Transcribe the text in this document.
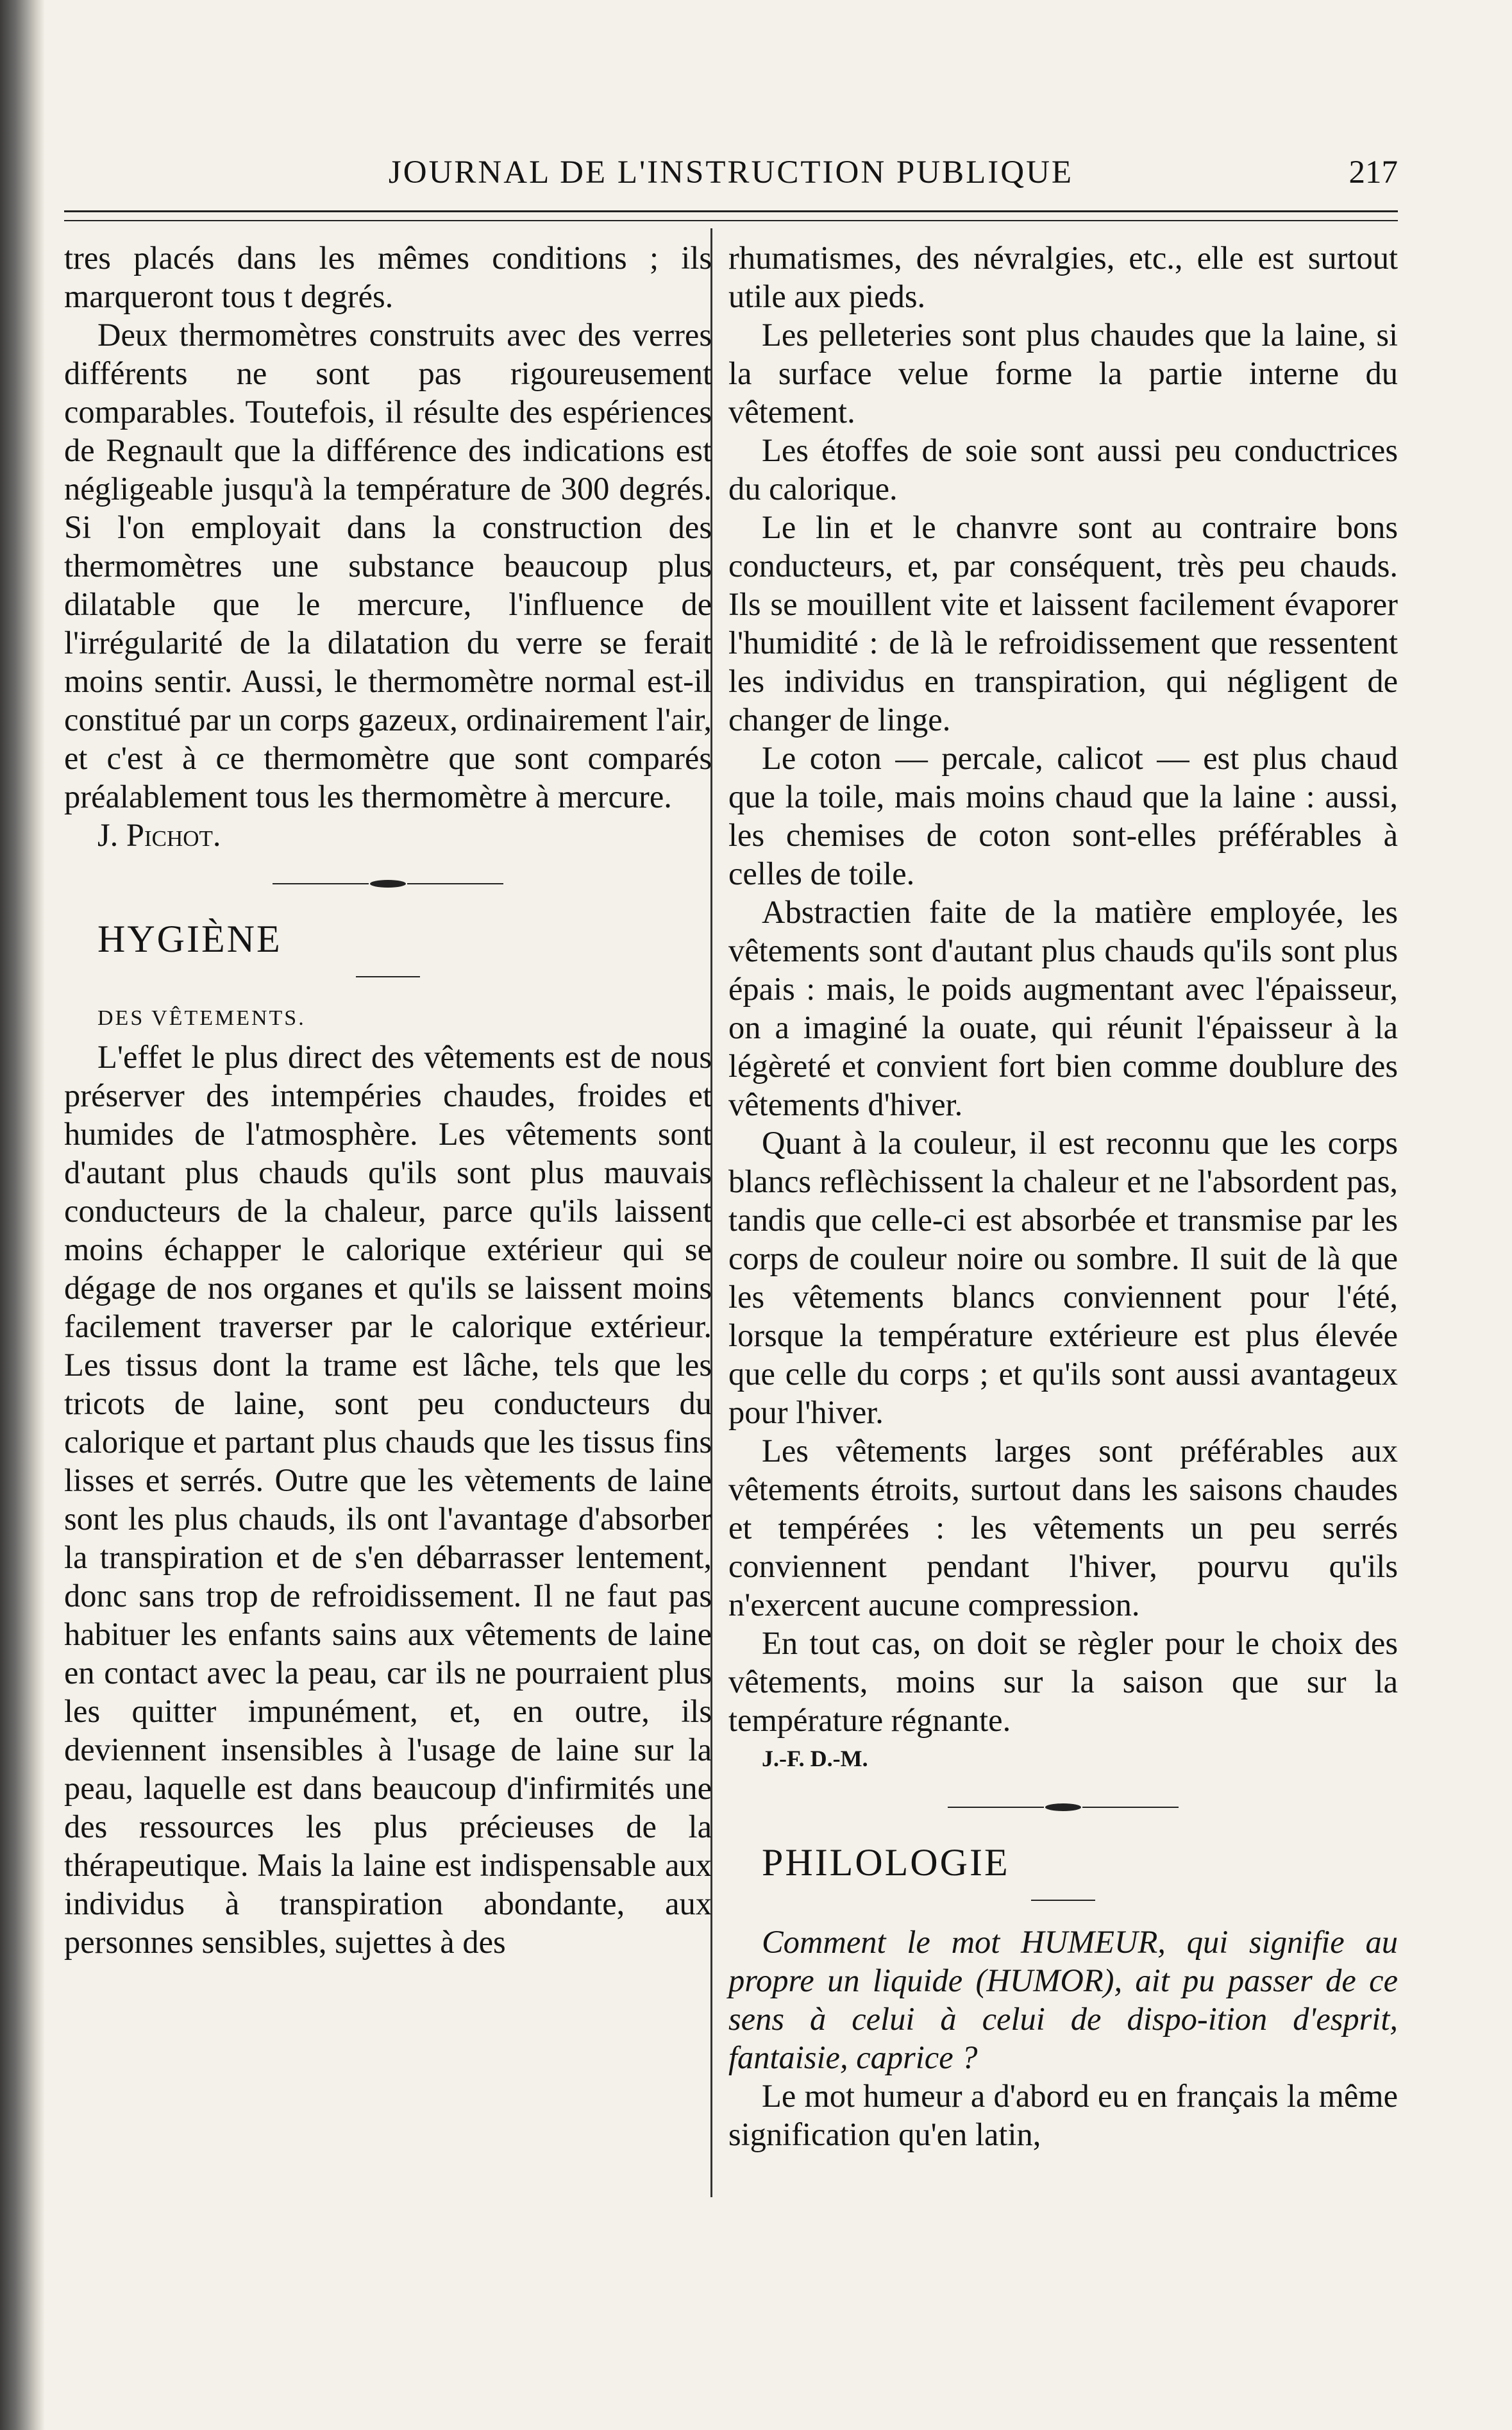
JOURNAL DE L'INSTRUCTION PUBLIQUE	217

tres placés dans les mêmes conditions ; ils marqueront tous t degrés.

Deux thermomètres construits avec des verres différents ne sont pas rigoureusement comparables. Toutefois, il résulte des espériences de Regnault que la différence des indications est négligeable jusqu'à la température de 300 degrés. Si l'on employait dans la construction des thermomètres une substance beaucoup plus dilatable que le mercure, l'influence de l'irrégularité de la dilatation du verre se ferait moins sentir. Aussi, le thermomètre normal est-il constitué par un corps gazeux, ordinairement l'air, et c'est à ce thermomètre que sont comparés préalablement tous les thermomètre à mercure.

J. Pichot.

HYGIÈNE

DES VÊTEMENTS.

L'effet le plus direct des vêtements est de nous préserver des intempéries chaudes, froides et humides de l'atmosphère. Les vêtements sont d'autant plus chauds qu'ils sont plus mauvais conducteurs de la chaleur, parce qu'ils laissent moins échapper le calorique extérieur qui se dégage de nos organes et qu'ils se laissent moins facilement traverser par le calorique extérieur. Les tissus dont la trame est lâche, tels que les tricots de laine, sont peu conducteurs du calorique et partant plus chauds que les tissus fins lisses et serrés. Outre que les vètements de laine sont les plus chauds, ils ont l'avantage d'absorber la transpiration et de s'en débarrasser lentement, donc sans trop de refroidissement. Il ne faut pas habituer les enfants sains aux vêtements de laine en contact avec la peau, car ils ne pourraient plus les quitter impunément, et, en outre, ils deviennent insensibles à l'usage de laine sur la peau, laquelle est dans beaucoup d'infirmités une des ressources les plus précieuses de la thérapeutique. Mais la laine est indispensable aux individus à transpiration abondante, aux personnes sensibles, sujettes à des

rhumatismes, des névralgies, etc., elle est surtout utile aux pieds.

Les pelleteries sont plus chaudes que la laine, si la surface velue forme la partie interne du vêtement.

Les étoffes de soie sont aussi peu conductrices du calorique.

Le lin et le chanvre sont au contraire bons conducteurs, et, par conséquent, très peu chauds. Ils se mouillent vite et laissent facilement évaporer l'humidité : de là le refroidissement que ressentent les individus en transpiration, qui négligent de changer de linge.

Le coton — percale, calicot — est plus chaud que la toile, mais moins chaud que la laine : aussi, les chemises de coton sont-elles préférables à celles de toile.

Abstractien faite de la matière employée, les vêtements sont d'autant plus chauds qu'ils sont plus épais : mais, le poids augmentant avec l'épaisseur, on a imaginé la ouate, qui réunit l'épaisseur à la légèreté et convient fort bien comme doublure des vêtements d'hiver.

Quant à la couleur, il est reconnu que les corps blancs reflèchissent la chaleur et ne l'absordent pas, tandis que celle-ci est absorbée et transmise par les corps de couleur noire ou sombre. Il suit de là que les vêtements blancs conviennent pour l'été, lorsque la température extérieure est plus élevée que celle du corps ; et qu'ils sont aussi avantageux pour l'hiver.

Les vêtements larges sont préférables aux vêtements étroits, surtout dans les saisons chaudes et tempérées : les vêtements un peu serrés conviennent pendant l'hiver, pourvu qu'ils n'exercent aucune compression.

En tout cas, on doit se règler pour le choix des vêtements, moins sur la saison que sur la température régnante.

J.-F. D.-M.

PHILOLOGIE

Comment le mot HUMEUR, qui signifie au propre un liquide (HUMOR), ait pu passer de ce sens à celui à celui de dispo-ition d'esprit, fantaisie, caprice ?

Le mot humeur a d'abord eu en français la même signification qu'en latin,
